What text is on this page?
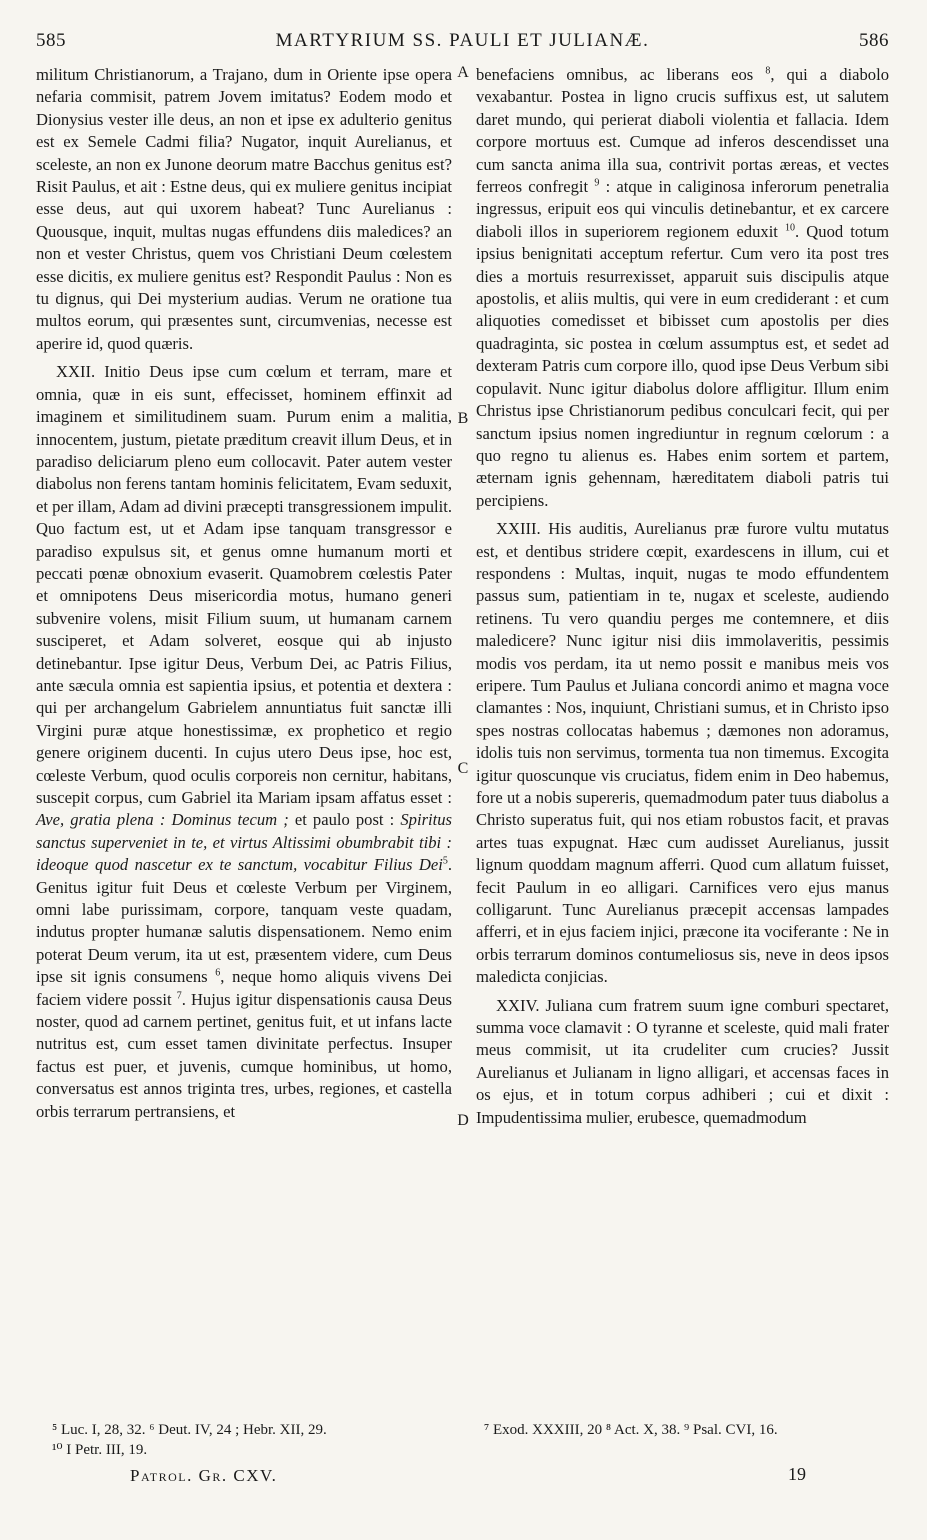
585	MARTYRIUM SS. PAULI ET JULIANÆ.	586
A
B
C
D

militum Christianorum, a Trajano, dum in Oriente ipse opera nefaria commisit, patrem Jovem imitatus? Eodem modo et Dionysius vester ille deus, an non et ipse ex adulterio genitus est ex Semele Cadmi filia? Nugator, inquit Aurelianus, et sceleste, an non ex Junone deorum matre Bacchus genitus est? Risit Paulus, et ait : Estne deus, qui ex muliere genitus incipiat esse deus, aut qui uxorem habeat? Tunc Aurelianus : Quousque, inquit, multas nugas effundens diis maledices? an non et vester Christus, quem vos Christiani Deum cœlestem esse dicitis, ex muliere genitus est? Respondit Paulus : Non es tu dignus, qui Dei mysterium audias. Verum ne oratione tua multos eorum, qui præsentes sunt, circumvenias, necesse est aperire id, quod quæris.

XXII. Initio Deus ipse cum cœlum et terram, mare et omnia, quæ in eis sunt, effecisset, hominem effinxit ad imaginem et similitudinem suam. Purum enim a malitia, innocentem, justum, pietate præditum creavit illum Deus, et in paradiso deliciarum pleno eum collocavit. Pater autem vester diabolus non ferens tantam hominis felicitatem, Evam seduxit, et per illam, Adam ad divini præcepti transgressionem impulit. Quo factum est, ut et Adam ipse tanquam transgressor e paradiso expulsus sit, et genus omne humanum morti et peccati pœnæ obnoxium evaserit. Quamobrem cœlestis Pater et omnipotens Deus misericordia motus, humano generi subvenire volens, misit Filium suum, ut humanam carnem susciperet, et Adam solveret, eosque qui ab injusto detinebantur. Ipse igitur Deus, Verbum Dei, ac Patris Filius, ante sæcula omnia est sapientia ipsius, et potentia et dextera : qui per archangelum Gabrielem annuntiatus fuit sanctæ illi Virgini puræ atque honestissimæ, ex prophetico et regio genere originem ducenti. In cujus utero Deus ipse, hoc est, cœleste Verbum, quod oculis corporeis non cernitur, habitans, suscepit corpus, cum Gabriel ita Mariam ipsam affatus esset : Ave, gratia plena : Dominus tecum ; et paulo post : Spiritus sanctus superveniet in te, et virtus Altissimi obumbrabit tibi : ideoque quod nascetur ex te sanctum, vocabitur Filius Dei$^5$. Genitus igitur fuit Deus et cœleste Verbum per Virginem, omni labe purissimam, corpore, tanquam veste quadam, indutus propter humanæ salutis dispensationem. Nemo enim poterat Deum verum, ita ut est, præsentem videre, cum Deus ipse sit ignis consumens $^6$, neque homo aliquis vivens Dei faciem videre possit $^7$. Hujus igitur dispensationis causa Deus noster, quod ad carnem pertinet, genitus fuit, et ut infans lacte nutritus est, cum esset tamen divinitate perfectus. Insuper factus est puer, et juvenis, cumque hominibus, ut homo, conversatus est annos triginta tres, urbes, regiones, et castella orbis terrarum pertransiens, et

benefaciens omnibus, ac liberans eos $^8$, qui a diabolo vexabantur. Postea in ligno crucis suffixus est, ut salutem daret mundo, qui perierat diaboli violentia et fallacia. Idem corpore mortuus est. Cumque ad inferos descendisset una cum sancta anima illa sua, contrivit portas æreas, et vectes ferreos confregit $^9$ : atque in caliginosa inferorum penetralia ingressus, eripuit eos qui vinculis detinebantur, et ex carcere diaboli illos in superiorem regionem eduxit $^{10}$. Quod totum ipsius benignitati acceptum refertur. Cum vero ita post tres dies a mortuis resurrexisset, apparuit suis discipulis atque apostolis, et aliis multis, qui vere in eum crediderant : et cum aliquoties comedisset et bibisset cum apostolis per dies quadraginta, sic postea in cœlum assumptus est, et sedet ad dexteram Patris cum corpore illo, quod ipse Deus Verbum sibi copulavit. Nunc igitur diabolus dolore affligitur. Illum enim Christus ipse Christianorum pedibus conculcari fecit, qui per sanctum ipsius nomen ingrediuntur in regnum cœlorum : a quo regno tu alienus es. Habes enim sortem et partem, æternam ignis gehennam, hæreditatem diaboli patris tui percipiens.

XXIII. His auditis, Aurelianus præ furore vultu mutatus est, et dentibus stridere cœpit, exardescens in illum, cui et respondens : Multas, inquit, nugas te modo effundentem passus sum, patientiam in te, nugax et sceleste, audiendo retinens. Tu vero quandiu perges me contemnere, et diis maledicere? Nunc igitur nisi diis immolaveritis, pessimis modis vos perdam, ita ut nemo possit e manibus meis vos eripere. Tum Paulus et Juliana concordi animo et magna voce clamantes : Nos, inquiunt, Christiani sumus, et in Christo ipso spes nostras collocatas habemus ; dæmones non adoramus, idolis tuis non servimus, tormenta tua non timemus. Excogita igitur quoscunque vis cruciatus, fidem enim in Deo habemus, fore ut a nobis supereris, quemadmodum pater tuus diabolus a Christo superatus fuit, qui nos etiam robustos facit, et pravas artes tuas expugnat. Hæc cum audisset Aurelianus, jussit lignum quoddam magnum afferri. Quod cum allatum fuisset, fecit Paulum in eo alligari. Carnifices vero ejus manus colligarunt. Tunc Aurelianus præcepit accensas lampades afferri, et in ejus faciem injici, præcone ita vociferante : Ne in orbis terrarum dominos contumeliosus sis, neve in deos ipsos maledicta conjicias.

XXIV. Juliana cum fratrem suum igne comburi spectaret, summa voce clamavit : O tyranne et sceleste, quid mali frater meus commisit, ut ita crudeliter cum crucies? Jussit Aurelianus et Julianam in ligno alligari, et accensas faces in os ejus, et in totum corpus adhiberi ; cui et dixit : Impudentissima mulier, erubesce, quemadmodum

⁵ Luc. I, 28, 32. ⁶ Deut. IV, 24 ; Hebr. XII, 29.
¹⁰ I Petr. III, 19.
⁷ Exod. XXXIII, 20 ⁸ Act. X, 38. ⁹ Psal. CVI, 16.
Patrol. Gr. CXV.	19
